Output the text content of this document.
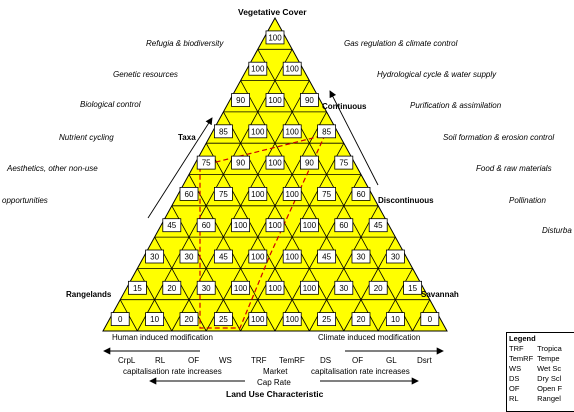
100
100	100
90	100	90
85	100	100	85
75	90	100	90	75
60	75	100	100	75	60
45	60	100	100	100	60	45
30	30	45	100	100	45	30	30
15	20	30	100	100	100	30	20	15
0	10	20	25	100	100	25	20	10	0
Vegetative Cover
Land Use Characteristic
Rangelands	Savannah
Taxa
Continuous
Discontinuous
Refugia & biodiversity
Genetic resources
Biological control
Nutrient cycling
Aesthetics, other non-use
opportunities
Gas regulation & climate control
Hydrological cycle & water supply
Purification & assimilation
Soil formation & erosion control
Food & raw materials
Pollination
Disturba
Human induced modification	Climate induced modification
CrpL RL	OF WS TRF TemRF DS	OF	GL	Dsrt
capitalisation rate increases	Market	capitalisation rate increases
Cap Rate
Legend
TRF Tropica
TemRF Tempe
WS Wet Sc
DS Dry Scl
OF Open F
RL Rangel
